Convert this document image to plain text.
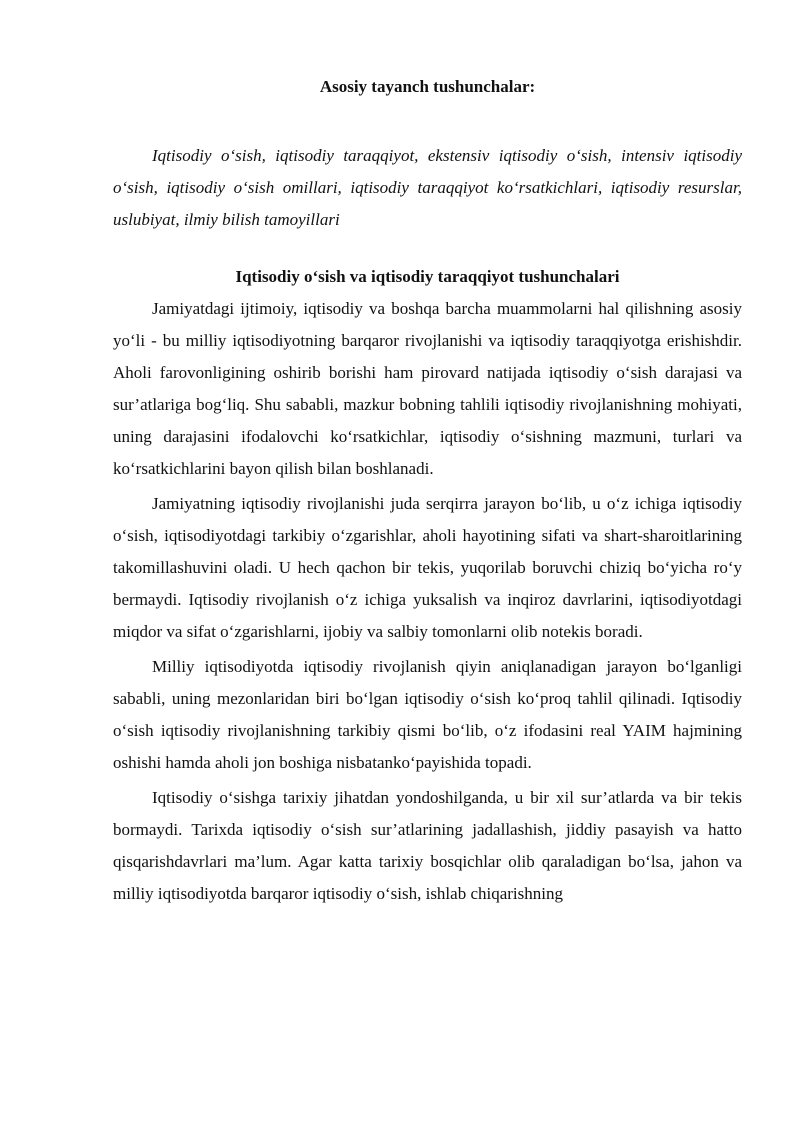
Asosiy tayanch tushunchalar:

Iqtisodiy o‘sish, iqtisodiy taraqqiyot, ekstensiv iqtisodiy o‘sish, intensiv iqtisodiy o‘sish, iqtisodiy o‘sish omillari, iqtisodiy taraqqiyot ko‘rsatkichlari, iqtisodiy resurslar, uslubiyat, ilmiy bilish tamoyillari

Iqtisodiy o‘sish va iqtisodiy taraqqiyot tushunchalari

Jamiyatdagi ijtimoiy, iqtisodiy va boshqa barcha muammolarni hal qilishning asosiy yo‘li - bu milliy iqtisodiyotning barqaror rivojlanishi va iqtisodiy taraqqiyotga erishishdir. Aholi farovonligining oshirib borishi ham pirovard natijada iqtisodiy o‘sish darajasi va sur’atlariga bog‘liq. Shu sababli, mazkur bobning tahlili iqtisodiy rivojlanishning mohiyati, uning darajasini ifodalovchi ko‘rsatkichlar, iqtisodiy o‘sishning mazmuni, turlari va ko‘rsatkichlarini bayon qilish bilan boshlanadi.

Jamiyatning iqtisodiy rivojlanishi juda serqirra jarayon bo‘lib, u o‘z ichiga iqtisodiy o‘sish, iqtisodiyotdagi tarkibiy o‘zgarishlar, aholi hayotining sifati va shart-sharoitlarining takomillashuvini oladi. U hech qachon bir tekis, yuqorilab boruvchi chiziq bo‘yicha ro‘y bermaydi. Iqtisodiy rivojlanish o‘z ichiga yuksalish va inqiroz davrlarini, iqtisodiyotdagi miqdor va sifat o‘zgarishlarni, ijobiy va salbiy tomonlarni olib notekis boradi.

Milliy iqtisodiyotda iqtisodiy rivojlanish qiyin aniqlanadigan jarayon bo‘lganligi sababli, uning mezonlaridan biri bo‘lgan iqtisodiy o‘sish ko‘proq tahlil qilinadi. Iqtisodiy o‘sish iqtisodiy rivojlanishning tarkibiy qismi bo‘lib, o‘z ifodasini real YAIM hajmining oshishi hamda aholi jon boshiga nisbatanko‘payishida topadi.

Iqtisodiy o‘sishga tarixiy jihatdan yondoshilganda, u bir xil sur’atlarda va bir tekis bormaydi. Tarixda iqtisodiy o‘sish sur’atlarining jadallashish, jiddiy pasayish va hatto qisqarishdavrlari ma’lum. Agar katta tarixiy bosqichlar olib qaraladigan bo‘lsa, jahon va milliy iqtisodiyotda barqaror iqtisodiy o‘sish, ishlab chiqarishning
